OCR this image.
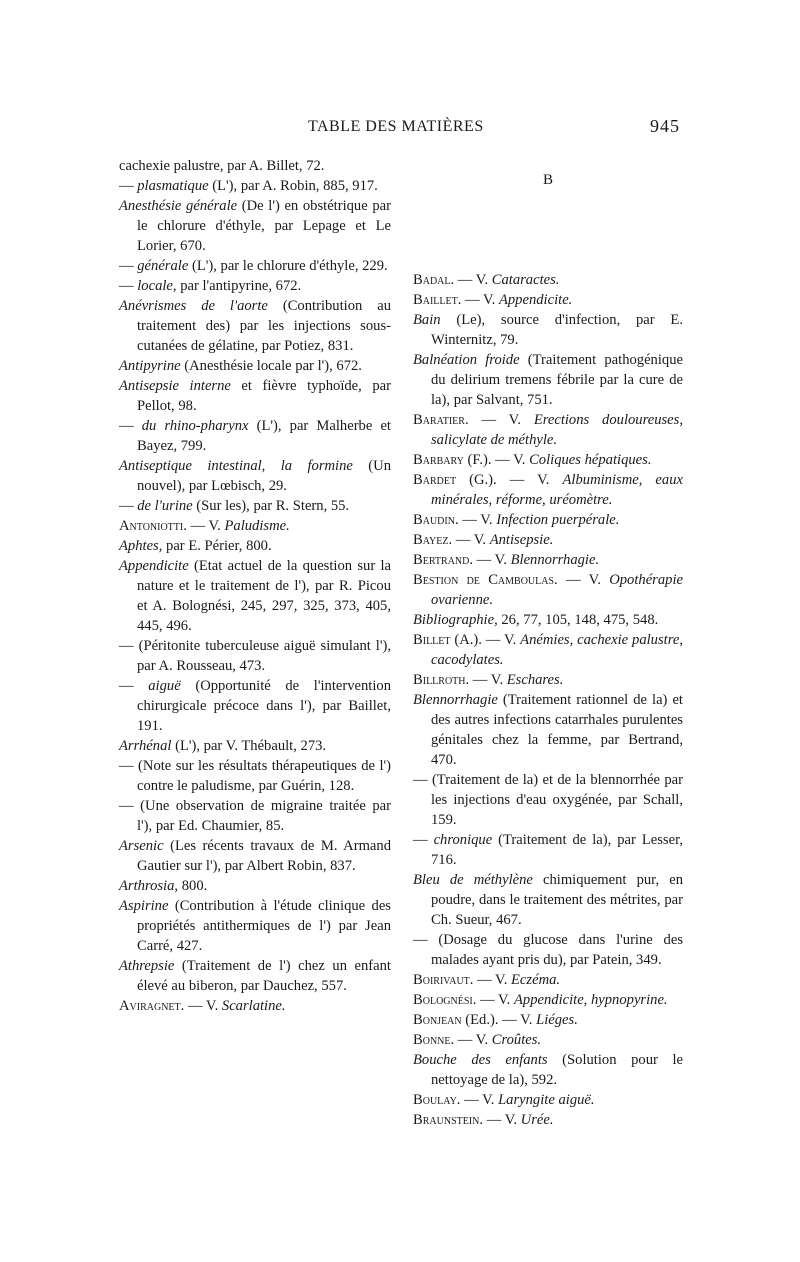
TABLE DES MATIÈRES	945

cachexie palustre, par A. Billet, 72.

— plasmatique (L'), par A. Robin, 885, 917.

Anesthésie générale (De l') en obstétrique par le chlorure d'éthyle, par Lepage et Le Lorier, 670.

— générale (L'), par le chlorure d'éthyle, 229.

— locale, par l'antipyrine, 672.

Anévrismes de l'aorte (Contribution au traitement des) par les injections sous-cutanées de gélatine, par Potiez, 831.

Antipyrine (Anesthésie locale par l'), 672.

Antisepsie interne et fièvre typhoïde, par Pellot, 98.

— du rhino-pharynx (L'), par Malherbe et Bayez, 799.

Antiseptique intestinal, la formine (Un nouvel), par Lœbisch, 29.

— de l'urine (Sur les), par R. Stern, 55.

Antoniotti. — V. Paludisme.

Aphtes, par E. Périer, 800.

Appendicite (Etat actuel de la question sur la nature et le traitement de l'), par R. Picou et A. Bolognési, 245, 297, 325, 373, 405, 445, 496.

— (Péritonite tuberculeuse aiguë simulant l'), par A. Rousseau, 473.

— aiguë (Opportunité de l'intervention chirurgicale précoce dans l'), par Baillet, 191.

Arrhénal (L'), par V. Thébault, 273.

— (Note sur les résultats thérapeutiques de l') contre le paludisme, par Guérin, 128.

— (Une observation de migraine traitée par l'), par Ed. Chaumier, 85.

Arsenic (Les récents travaux de M. Armand Gautier sur l'), par Albert Robin, 837.

Arthrosia, 800.

Aspirine (Contribution à l'étude clinique des propriétés antithermiques de l') par Jean Carré, 427.

Athrepsie (Traitement de l') chez un enfant élevé au biberon, par Dauchez, 557.

Avi‍ragnet. — V. Scarlatine.

B

Badal. — V. Cataractes.

Baillet. — V. Appendicite.

Bain (Le), source d'infection, par E. Winternitz, 79.

Balnéation froide (Traitement pathogénique du delirium tremens fébrile par la cure de la), par Salvant, 751.

Baratier. — V. Erections douloureuses, salicylate de méthyle.

Barbary (F.). — V. Coliques hépatiques.

Bardet (G.). — V. Albuminisme, eaux minérales, réforme, uréomètre.

Baudin. — V. Infection puerpérale.

Bayez. — V. Antisepsie.

Bertrand. — V. Blennorrhagie.

Bestion de Camboulas. — V. Opothérapie ovarienne.

Bibliographie, 26, 77, 105, 148, 475, 548.

Billet (A.). — V. Anémies, cachexie palustre, cacodylates.

Billroth. — V. Eschares.

Blennorrhagie (Traitement rationnel de la) et des autres infections catarrhales purulentes génitales chez la femme, par Bertrand, 470.

— (Traitement de la) et de la blennorrhée par les injections d'eau oxygénée, par Schall, 159.

— chronique (Traitement de la), par Lesser, 716.

Bleu de méthylène chimiquement pur, en poudre, dans le traitement des métrites, par Ch. Sueur, 467.

— (Dosage du glucose dans l'urine des malades ayant pris du), par Patein, 349.

Boirivaut. — V. Eczéma.

Bolognési. — V. Appendicite, hypnopyrine.

Bonjean (Ed.). — V. Liéges.

Bonne. — V. Croûtes.

Bouche des enfants (Solution pour le nettoyage de la), 592.

Boulay. — V. Laryngite aiguë.

Braunstein. — V. Urée.
